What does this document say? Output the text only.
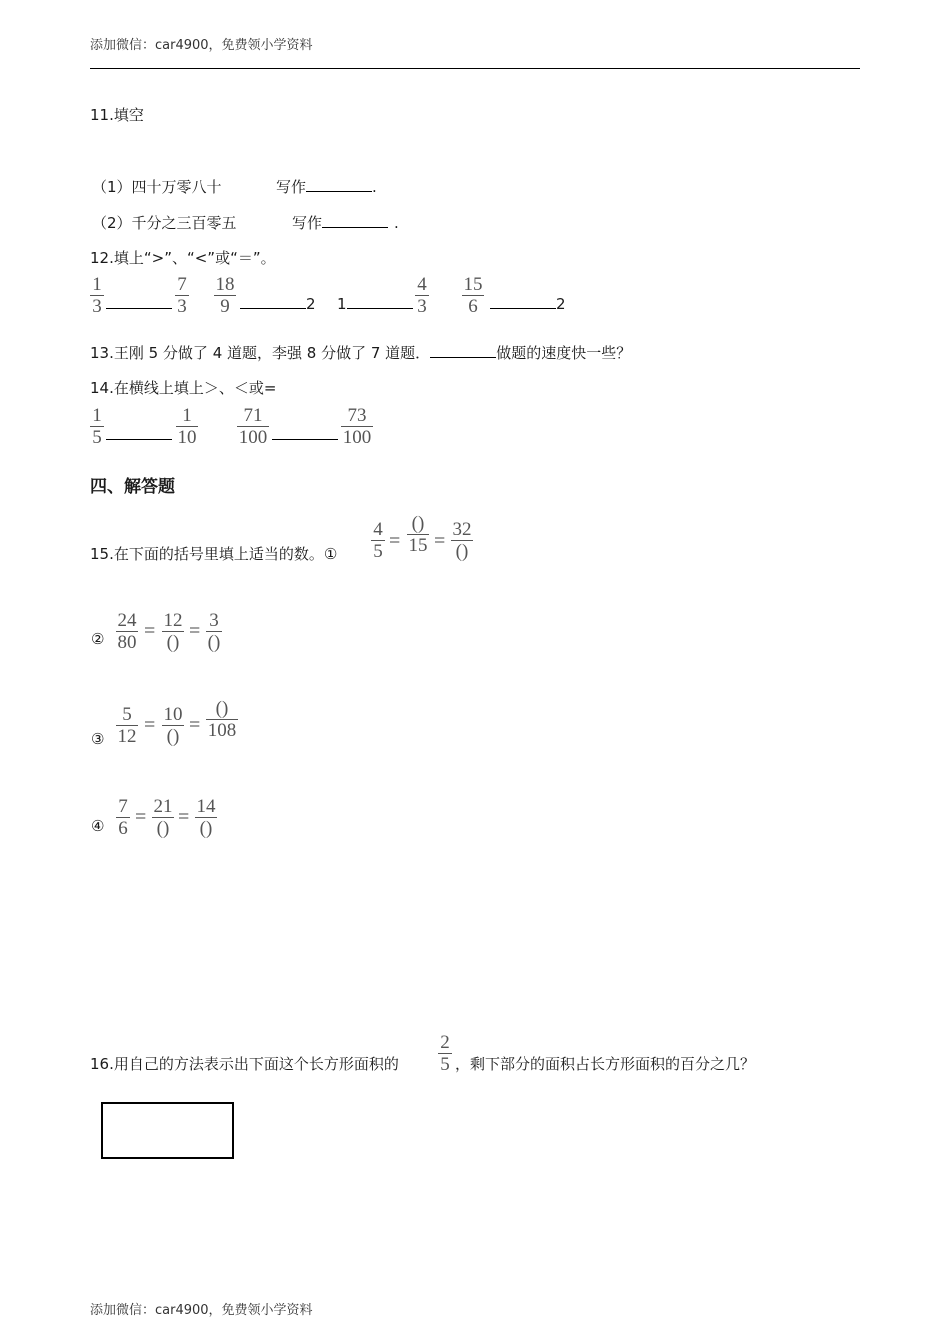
添加微信：car4900，免费领小学资料
11.填空
（1）四十万零八十	写作	.
（2）千分之三百零五	写作	.
12.填上“>”、“<”或“＝”。
1
3
7
3
18
9	2 1
4
3
15
6	2
13.王刚 5 分做了 4 道题，李强 8 分做了 7 道题．	做题的速度快一些？
14.在横线上填上＞、＜或=
1
5
1
10
71
100
73
100
四、解答题
15.在下面的括号里填上适当的数。①
4
5 =
()
15 =
32
()
②
24
80
= 12
()
= 3
()
③
5
12
= 10
()
=
()
108
④
7
6
= 21
()
= 14
()
16.用自己的方法表示出下面这个长方形面积的
2
5 ，剩下部分的面积占长方形面积的百分之几？
添加微信：car4900，免费领小学资料
